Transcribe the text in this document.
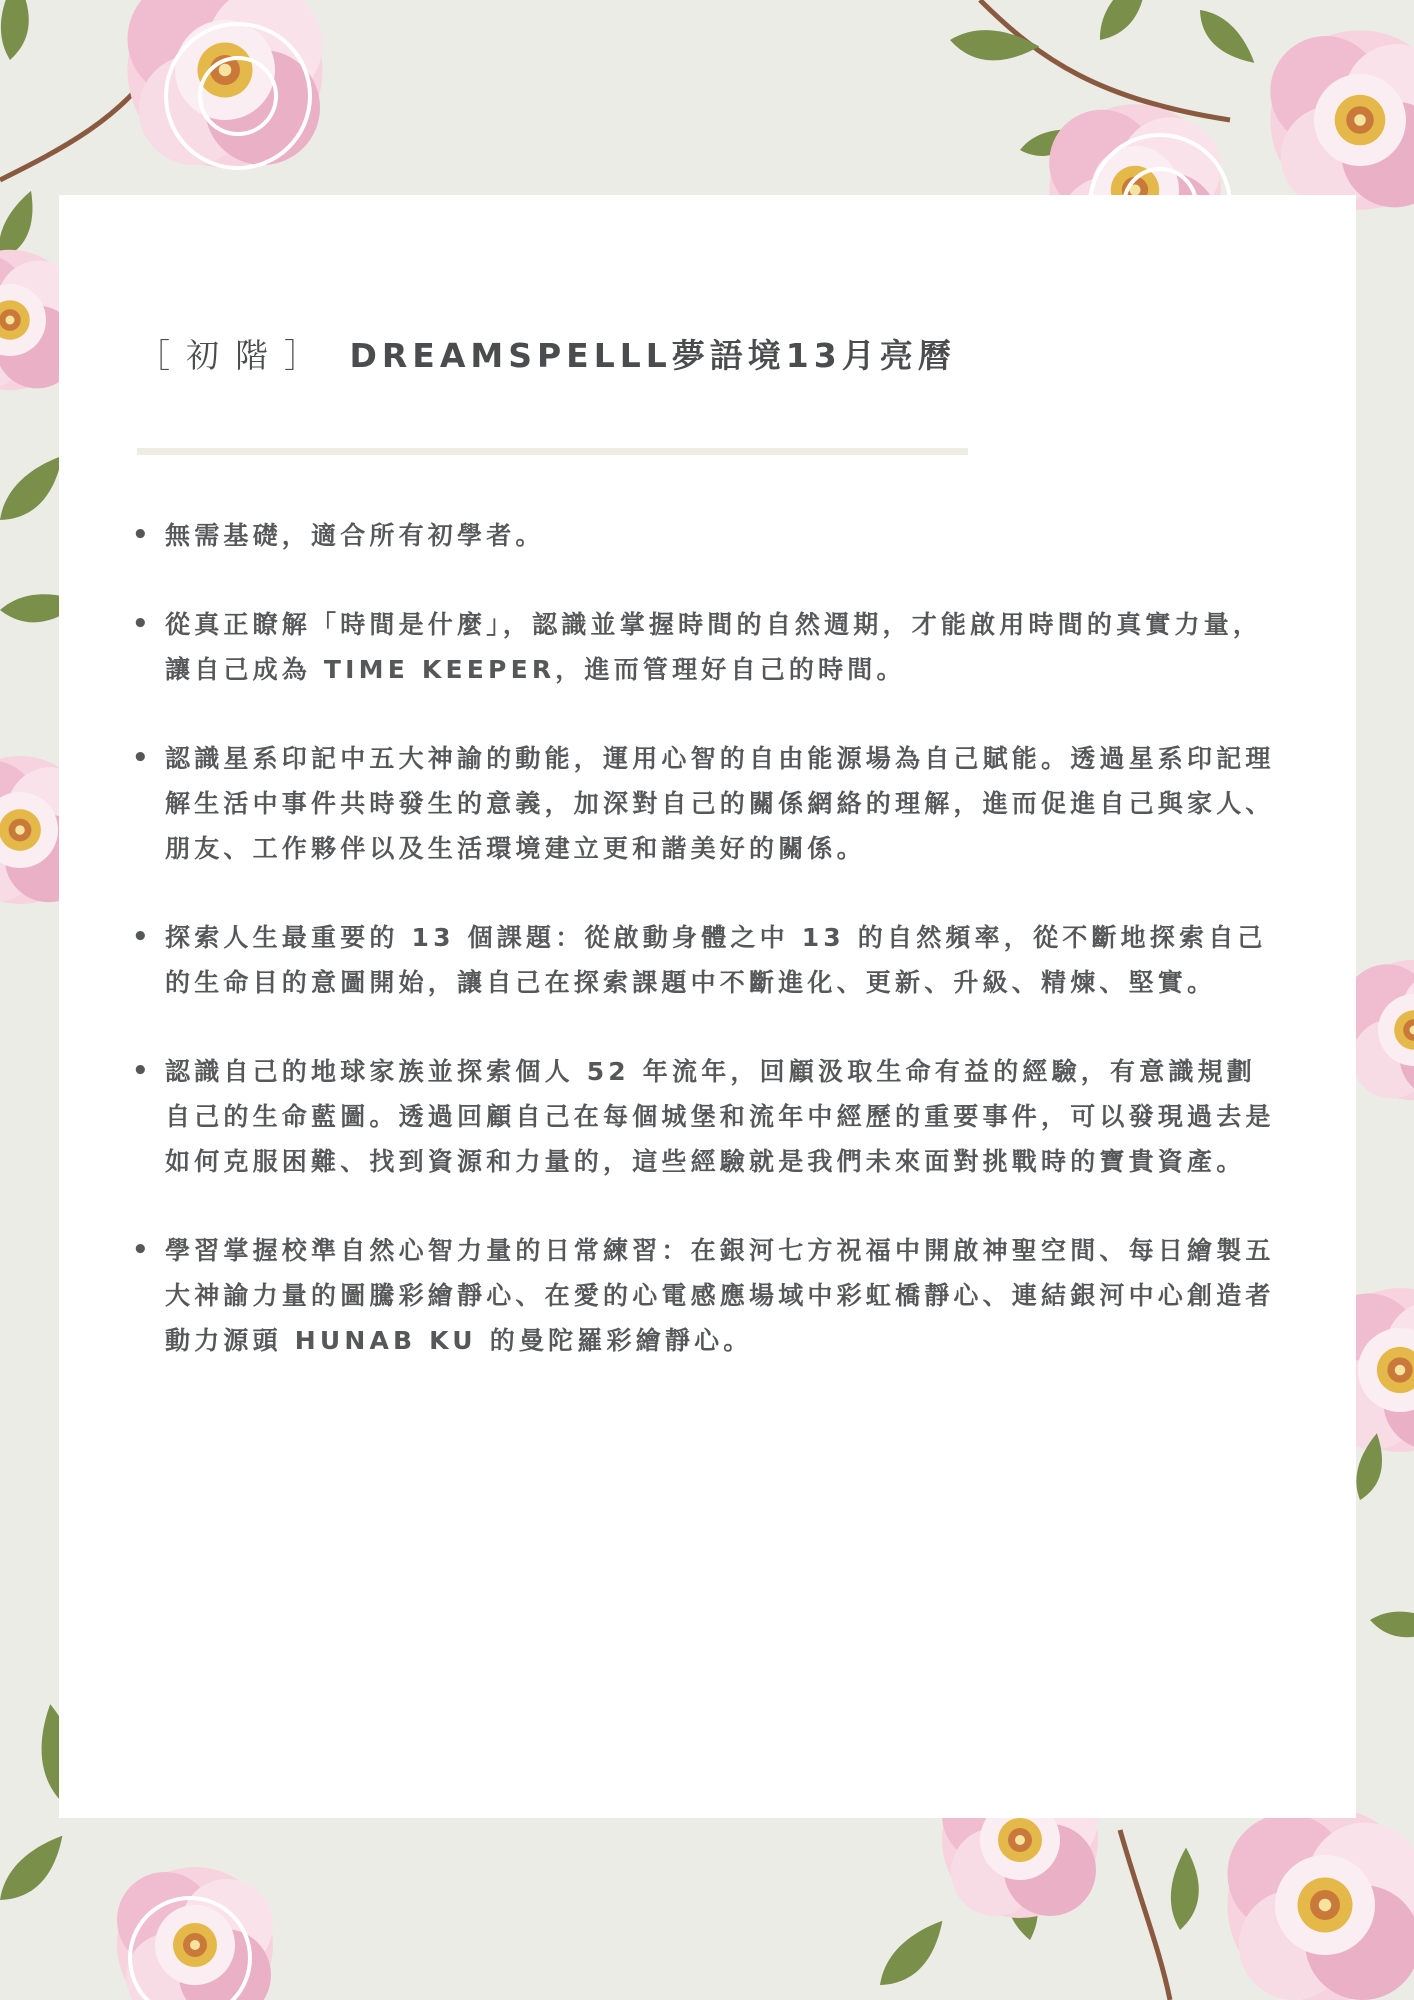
［初階］ DREAMSPELLL夢語境13月亮曆
• 無需基礎，適合所有初學者。
• 從真正瞭解「時間是什麼」，認識並掌握時間的自然週期，才能啟用時間的真實力量，讓自己成為 TIME KEEPER，進而管理好自己的時間。
• 認識星系印記中五大神諭的動能，運用心智的自由能源場為自己賦能。透過星系印記理解生活中事件共時發生的意義，加深對自己的關係網絡的理解，進而促進自己與家人、朋友、工作夥伴以及生活環境建立更和諧美好的關係。
• 探索人生最重要的 13 個課題：從啟動身體之中 13 的自然頻率，從不斷地探索自己的生命目的意圖開始，讓自己在探索課題中不斷進化、更新、升級、精煉、堅實。
• 認識自己的地球家族並探索個人 52 年流年，回顧汲取生命有益的經驗，有意識規劃自己的生命藍圖。透過回顧自己在每個城堡和流年中經歷的重要事件，可以發現過去是如何克服困難、找到資源和力量的，這些經驗就是我們未來面對挑戰時的寶貴資產。
• 學習掌握校準自然心智力量的日常練習：在銀河七方祝福中開啟神聖空間、每日繪製五大神諭力量的圖騰彩繪靜心、在愛的心電感應場域中彩虹橋靜心、連結銀河中心創造者動力源頭 HUNAB KU 的曼陀羅彩繪靜心。
